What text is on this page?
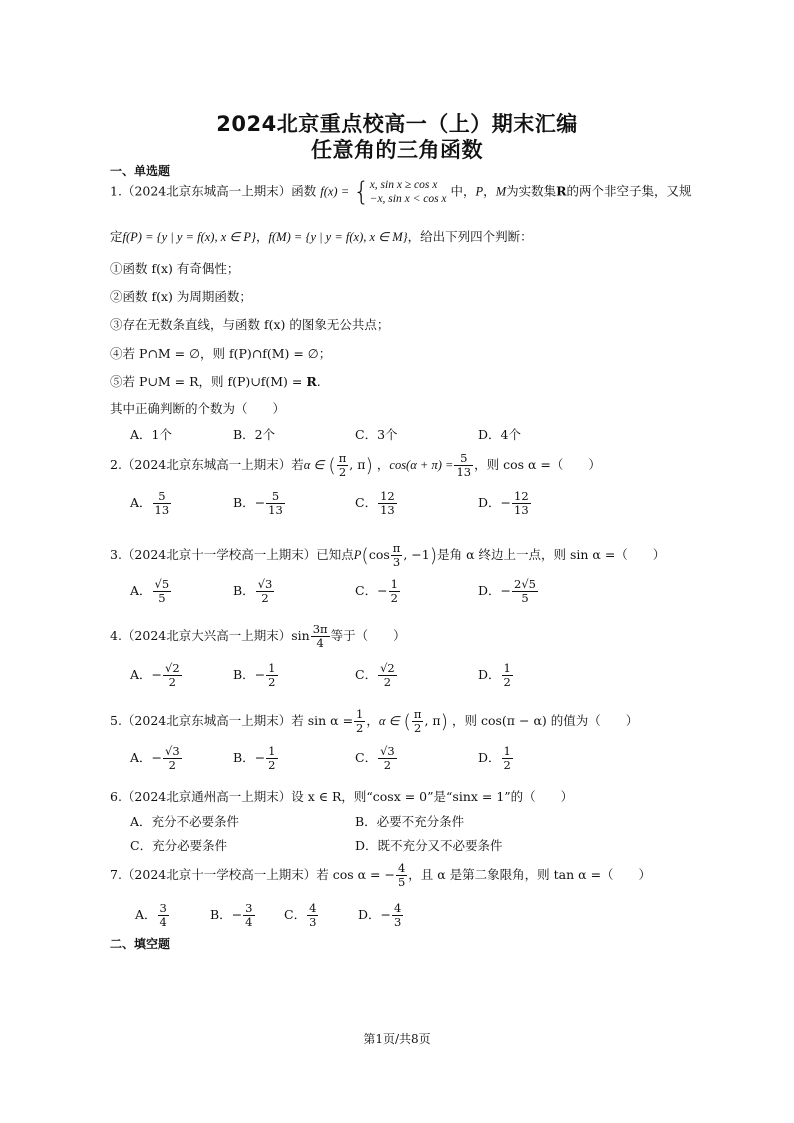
2024北京重点校高一（上）期末汇编
任意角的三角函数
一、单选题
1.（2024北京东城高一上期末）函数 f(x) = { x, sin x ≥ cos x
−x, sin x < cos x
中，P，M为实数集R的两个非空子集，又规
定f(P) = {y | y = f(x), x ∈ P}，f(M) = {y | y = f(x), x ∈ M}，给出下列四个判断：
①函数 f(x) 有奇偶性；
②函数 f(x) 为周期函数；
③存在无数条直线，与函数 f(x) 的图象无公共点；
④若 P∩M = ∅，则 f(P)∩f(M) = ∅；
⑤若 P∪M = R，则 f(P)∪f(M) = R.
其中正确判断的个数为（　　）
A．1个	B．2个	C．3个	D．4个
2.（2024北京东城高一上期末）若α ∈ ( $\frac{\pi}{2}$ , π) ，$\cos(\alpha + \pi) = \frac{5}{13}$ ，则 cos α =（　　）
A． $\frac{5}{13}$	B．− $\frac{5}{13}$	C． $\frac{12}{13}$	D．− $\frac{12}{13}$
3.（2024北京十一学校高一上期末）已知点$P(\cos \frac{\pi}{3}$ , −1)是角 α 终边上一点，则 sin α =（　　）
A． $\frac{√5}{5}$	B． $\frac{√3}{2}$	C．− $\frac{1}{2}$	D．− $\frac{2√5}{5}$
4.（2024北京大兴高一上期末）$\sin \frac{3\pi}{4}$ 等于（　　）
A．− $\frac{√2}{2}$	B．− $\frac{1}{2}$	C． $\frac{√2}{2}$	D． $\frac{1}{2}$
5.（2024北京东城高一上期末）若 $\sin \alpha = \frac{1}{2}$ ，α ∈ ( $\frac{\pi}{2}$ , π) ，则 cos(π − α) 的值为（　　）
A．− $\frac{√3}{2}$	B．− $\frac{1}{2}$	C． $\frac{√3}{2}$	D． $\frac{1}{2}$
6.（2024北京通州高一上期末）设 x ∈ R，则“cosx = 0”是“sinx = 1”的（　　）
A．充分不必要条件	B．必要不充分条件
C．充分必要条件	D．既不充分又不必要条件
7.（2024北京十一学校高一上期末）若 cos α = − $\frac{4}{5}$ ，且 α 是第二象限角，则 tan α =（　　）
A． $\frac{3}{4}$	B．− $\frac{3}{4}$ C． $\frac{4}{3}$	D．− $\frac{4}{3}$
二、填空题
第1页/共8页
